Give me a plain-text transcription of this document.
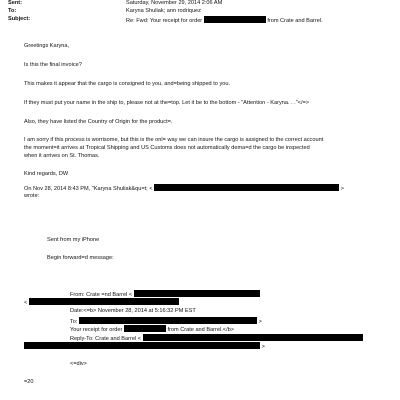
Sent:	Saturday, November 29, 2014 2:06 AM
To:	Karyna Shuliak; ann rodriquez
Subject:	Re: Fwd: Your receipt for order	from Crate and Barrel.
Greetings Karyna,
Is this the final invoice?
This makes it appear that the cargo is consigned to you, and=being shipped to you.
If they must put your name in the ship to, please not at the=top. Let it be to the bottom - "Attention - Karyna. . ."</=>
Also, they have listed the Country of Origin for the product=.
I am sorry if this process is worrisome, but this is the onl= way we can insure the cargo is assigned to the correct account
the moment=it arrives at Tropical Shipping and US Customs does not automatically dema=d the cargo be inspected
when it arrives on St. Thomas.
Kind regards, DW
On Nov 28, 2014 8:43 PM, "Karyna Shuliak&qu=t; <	>
wrote:
Sent from my iPhone
Begin forward=d message:
From: Crate =nd Barrel <
<
Date:<=b> November 28, 2014 at 5:16:32 PM EST
To:	>
Your receipt for order	from Crate and Barrel.</b>
Reply-To: Crate and Barrel <
>
<=div>
=20
